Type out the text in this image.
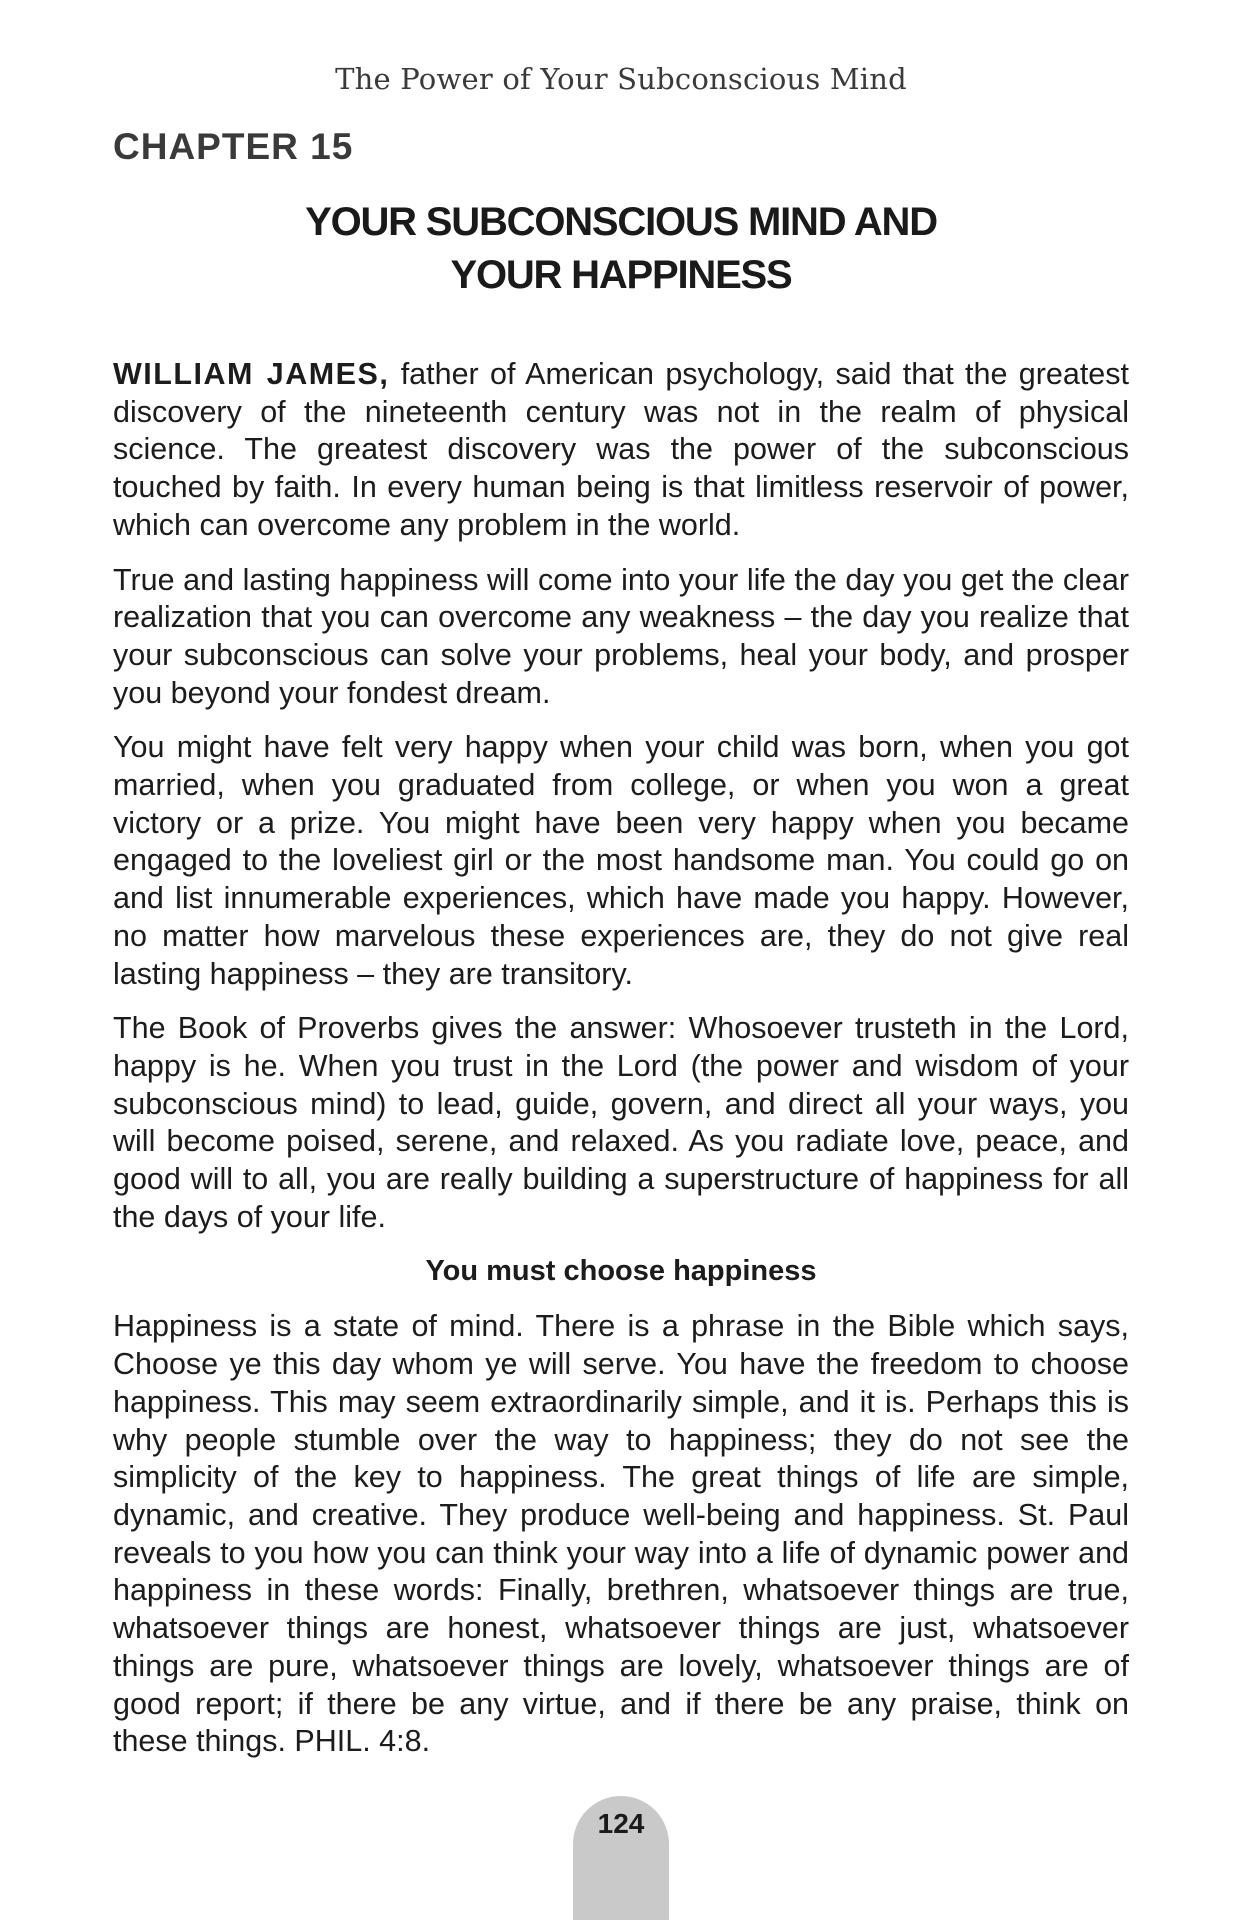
The Power of Your Subconscious Mind
CHAPTER 15
YOUR SUBCONSCIOUS MIND AND
YOUR HAPPINESS

WILLIAM JAMES, father of American psychology, said that the greatest discovery of the nineteenth century was not in the realm of physical science. The greatest discovery was the power of the subconscious touched by faith. In every human being is that limitless reservoir of power, which can overcome any problem in the world.

True and lasting happiness will come into your life the day you get the clear realization that you can overcome any weakness – the day you realize that your subconscious can solve your problems, heal your body, and prosper you beyond your fondest dream.

You might have felt very happy when your child was born, when you got married, when you graduated from college, or when you won a great victory or a prize. You might have been very happy when you became engaged to the loveliest girl or the most handsome man. You could go on and list innumerable experiences, which have made you happy. However, no matter how marvelous these experiences are, they do not give real lasting happiness – they are transitory.

The Book of Proverbs gives the answer: Whosoever trusteth in the Lord, happy is he. When you trust in the Lord (the power and wisdom of your subconscious mind) to lead, guide, govern, and direct all your ways, you will become poised, serene, and relaxed. As you radiate love, peace, and good will to all, you are really building a superstructure of happiness for all the days of your life.

You must choose happiness

Happiness is a state of mind. There is a phrase in the Bible which says, Choose ye this day whom ye will serve. You have the freedom to choose happiness. This may seem extraordinarily simple, and it is. Perhaps this is why people stumble over the way to happiness; they do not see the simplicity of the key to happiness. The great things of life are simple, dynamic, and creative. They produce well-being and happiness. St. Paul reveals to you how you can think your way into a life of dynamic power and happiness in these words: Finally, brethren, whatsoever things are true, whatsoever things are honest, whatsoever things are just, whatsoever things are pure, whatsoever things are lovely, whatsoever things are of good report; if there be any virtue, and if there be any praise, think on these things. PHIL. 4:8.

124
